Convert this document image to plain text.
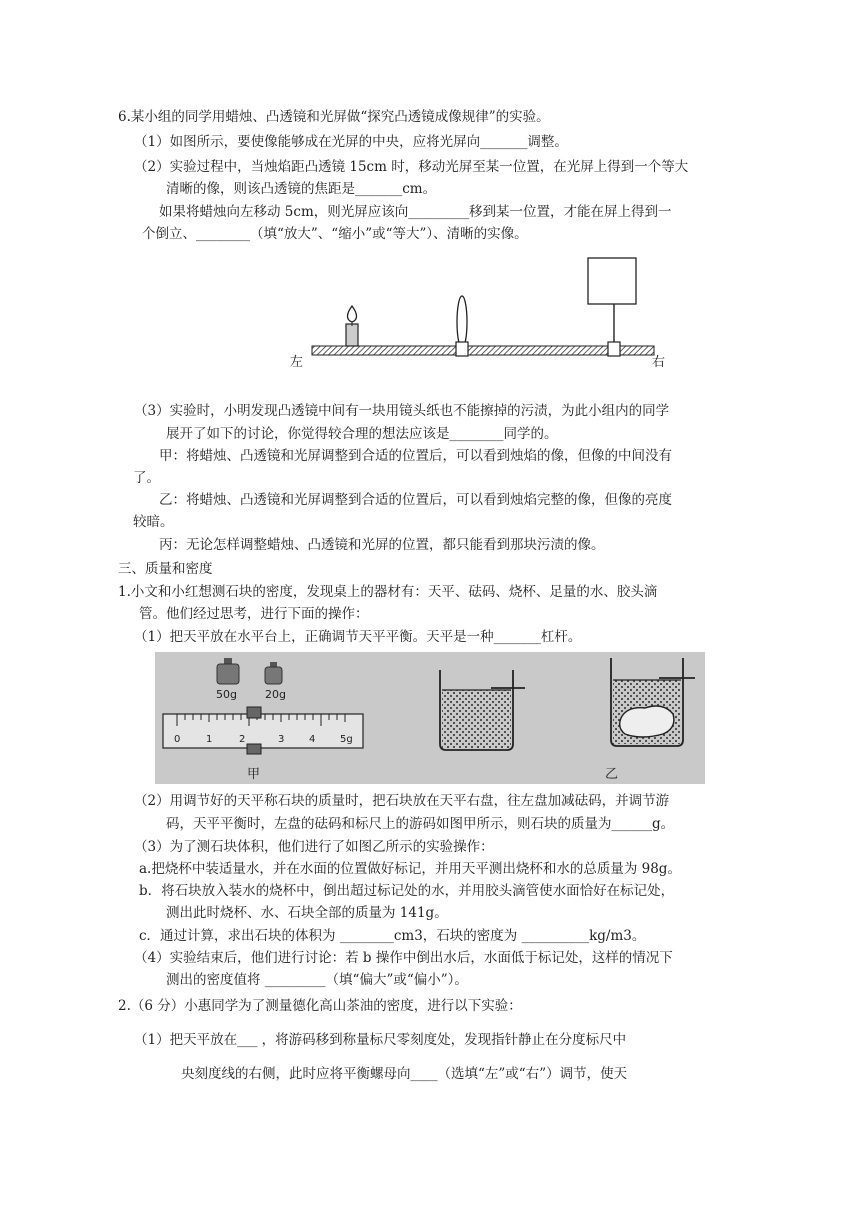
6.某小组的同学用蜡烛、凸透镜和光屏做“探究凸透镜成像规律”的实验。
（1）如图所示，要使像能够成在光屏的中央，应将光屏向_______调整。
（2）实验过程中，当烛焰距凸透镜 15cm 时，移动光屏至某一位置，在光屏上得到一个等大
清晰的像，则该凸透镜的焦距是_______cm。
如果将蜡烛向左移动 5cm，则光屏应该向_________移到某一位置，才能在屏上得到一
个倒立、________（填“放大”、“缩小”或“等大”）、清晰的实像。
左	右
（3）实验时，小明发现凸透镜中间有一块用镜头纸也不能擦掉的污渍，为此小组内的同学
展开了如下的讨论，你觉得较合理的想法应该是________同学的。
甲：将蜡烛、凸透镜和光屏调整到合适的位置后，可以看到烛焰的像，但像的中间没有
了。
乙：将蜡烛、凸透镜和光屏调整到合适的位置后，可以看到烛焰完整的像，但像的亮度
较暗。
丙：无论怎样调整蜡烛、凸透镜和光屏的位置，都只能看到那块污渍的像。
三、质量和密度
1.小文和小红想测石块的密度，发现桌上的器材有：天平、砝码、烧杯、足量的水、胶头滴
管。他们经过思考，进行下面的操作：
（1）把天平放在水平台上，正确调节天平平衡。天平是一种_______杠杆。
50g	20g
0	1	2	3 4 5g
甲	乙
（2）用调节好的天平称石块的质量时，把石块放在天平右盘，往左盘加减砝码，并调节游
码，天平平衡时，左盘的砝码和标尺上的游码如图甲所示，则石块的质量为______g。
（3）为了测石块体积，他们进行了如图乙所示的实验操作：
a.把烧杯中装适量水，并在水面的位置做好标记，并用天平测出烧杯和水的总质量为 98g。
b．将石块放入装水的烧杯中，倒出超过标记处的水，并用胶头滴管使水面恰好在标记处，
测出此时烧杯、水、石块全部的质量为 141g。
c．通过计算，求出石块的体积为 ________cm3，石块的密度为 __________kg/m3。
（4）实验结束后，他们进行讨论：若 b 操作中倒出水后，水面低于标记处，这样的情况下
测出的密度值将 _________（填“偏大”或“偏小”）。
2.（6 分）小惠同学为了测量德化高山茶油的密度，进行以下实验：
（1）把天平放在___ ，将游码移到称量标尺零刻度处，发现指针静止在分度标尺中
央刻度线的右侧，此时应将平衡螺母向____（选填“左”或“右”）调节，使天
